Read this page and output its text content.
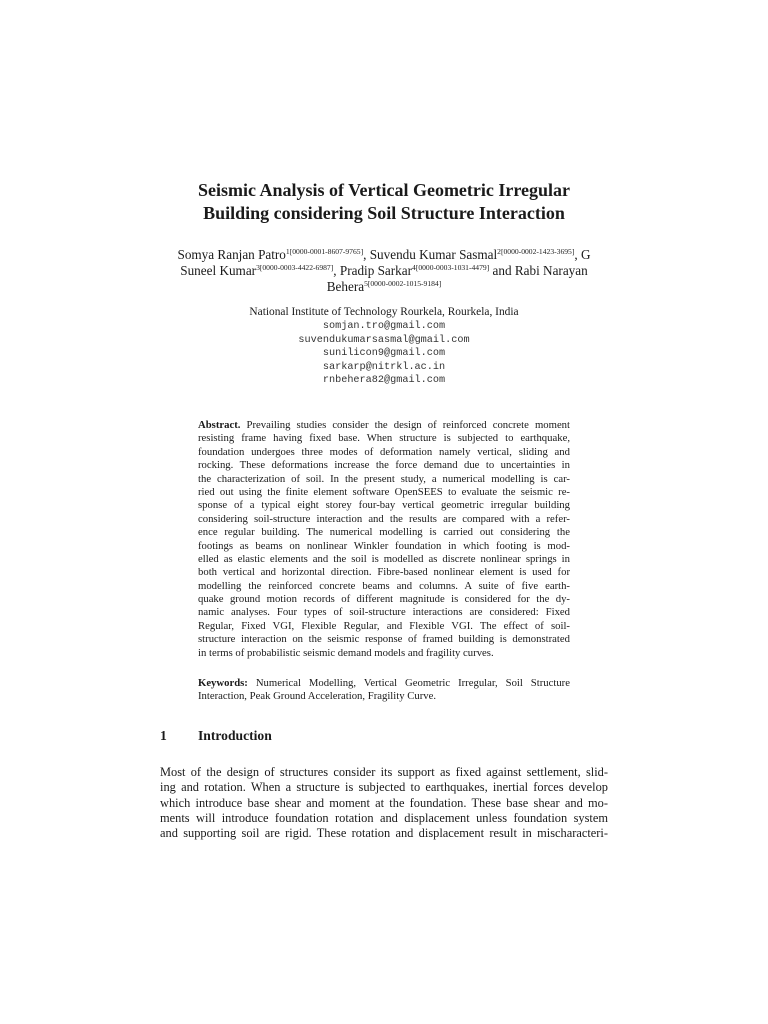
Seismic Analysis of Vertical Geometric Irregular
Building considering Soil Structure Interaction
Somya Ranjan Patro$^{1[0000-0001-8607-9765]}$, Suvendu Kumar Sasmal$^{2[0000-0002-1423-3695]}$, G
Suneel Kumar$^{3[0000-0003-4422-6987]}$, Pradip Sarkar$^{4[0000-0003-1031-4479]}$ and Rabi Narayan
Behera$^{5[0000-0002-1015-9184]}$
National Institute of Technology Rourkela, Rourkela, India
somjan.tro@gmail.com
suvendukumarsasmal@gmail.com
sunilicon9@gmail.com
sarkarp@nitrkl.ac.in
rnbehera82@gmail.com
Abstract. Prevailing studies consider the design of reinforced concrete moment
resisting frame having fixed base. When structure is subjected to earthquake,
foundation undergoes three modes of deformation namely vertical, sliding and
rocking. These deformations increase the force demand due to uncertainties in
the characterization of soil. In the present study, a numerical modelling is car-
ried out using the finite element software OpenSEES to evaluate the seismic re-
sponse of a typical eight storey four-bay vertical geometric irregular building
considering soil-structure interaction and the results are compared with a refer-
ence regular building. The numerical modelling is carried out considering the
footings as beams on nonlinear Winkler foundation in which footing is mod-
elled as elastic elements and the soil is modelled as discrete nonlinear springs in
both vertical and horizontal direction. Fibre-based nonlinear element is used for
modelling the reinforced concrete beams and columns. A suite of five earth-
quake ground motion records of different magnitude is considered for the dy-
namic analyses. Four types of soil-structure interactions are considered: Fixed
Regular, Fixed VGI, Flexible Regular, and Flexible VGI. The effect of soil-
structure interaction on the seismic response of framed building is demonstrated
in terms of probabilistic seismic demand models and fragility curves.
Keywords: Numerical Modelling, Vertical Geometric Irregular, Soil Structure
Interaction, Peak Ground Acceleration, Fragility Curve.
1 Introduction
Most of the design of structures consider its support as fixed against settlement, slid-
ing and rotation. When a structure is subjected to earthquakes, inertial forces develop
which introduce base shear and moment at the foundation. These base shear and mo-
ments will introduce foundation rotation and displacement unless foundation system
and supporting soil are rigid. These rotation and displacement result in mischaracteri-
